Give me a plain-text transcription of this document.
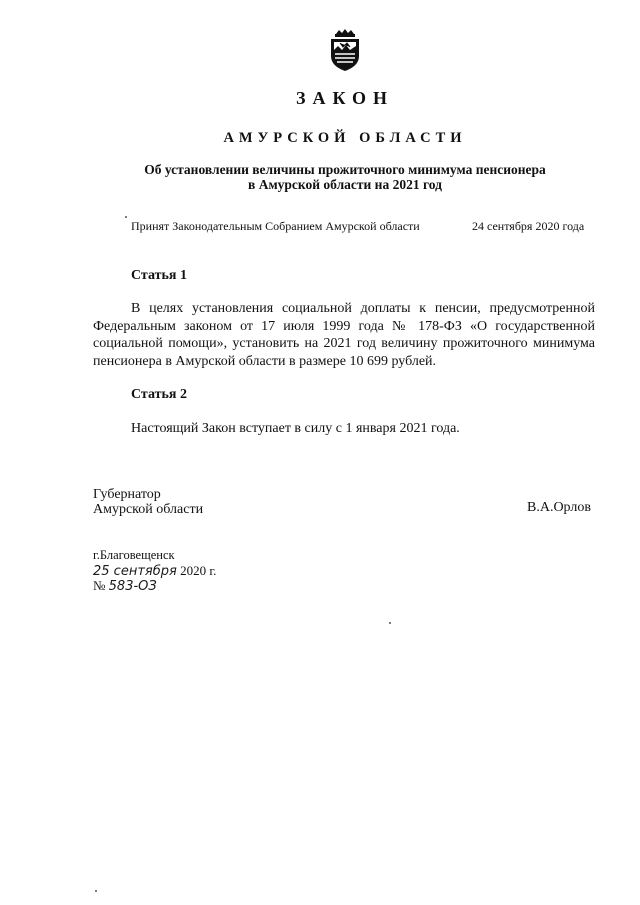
ЗАКОН
АМУРСКОЙ ОБЛАСТИ
Об установлении величины прожиточного минимума пенсионера
в Амурской области на 2021 год
Принят Законодательным Собранием Амурской области	24 сентября 2020 года
Статья 1
В целях установления социальной доплаты к пенсии, предусмотренной Федеральным законом от 17 июля 1999 года № 178-ФЗ «О государственной социальной помощи», установить на 2021 год величину прожиточного минимума пенсионера в Амурской области в размере 10 699 рублей.
Статья 2
Настоящий Закон вступает в силу с 1 января 2021 года.
Губернатор
Амурской области	В.А.Орлов
г.Благовещенск
25 сентября 2020 г.
№ 583-ОЗ
